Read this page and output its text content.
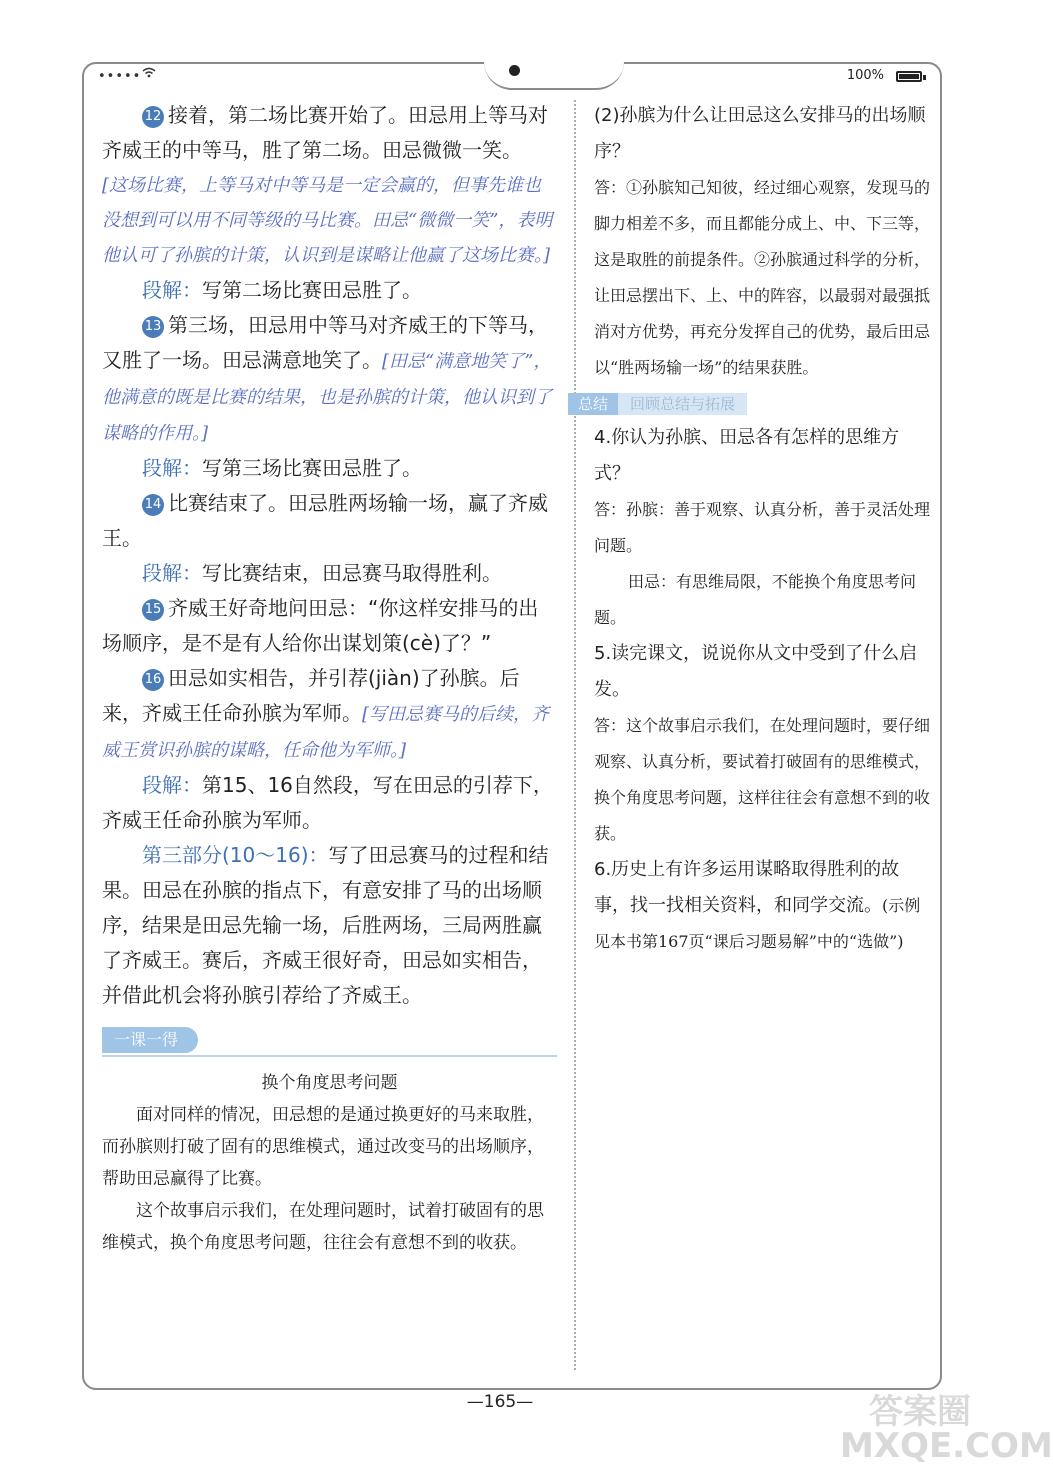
•••••	100%

12 接着，第二场比赛开始了。田忌用上等马对齐威王的中等马，胜了第二场。田忌微微一笑。

[这场比赛，上等马对中等马是一定会赢的，但事先谁也没想到可以用不同等级的马比赛。田忌“微微一笑”，表明他认可了孙膑的计策，认识到是谋略让他赢了这场比赛。]

段解：写第二场比赛田忌胜了。

13 第三场，田忌用中等马对齐威王的下等马，又胜了一场。田忌满意地笑了。[田忌“满意地笑了”，他满意的既是比赛的结果，也是孙膑的计策，他认识到了谋略的作用。]

段解：写第三场比赛田忌胜了。

14 比赛结束了。田忌胜两场输一场，赢了齐威王。

段解：写比赛结束，田忌赛马取得胜利。

15 齐威王好奇地问田忌：“你这样安排马的出场顺序，是不是有人给你出谋划策(cè)了？”

16 田忌如实相告，并引荐(jiàn)了孙膑。后来，齐威王任命孙膑为军师。[写田忌赛马的后续，齐威王赏识孙膑的谋略，任命他为军师。]

段解：第15、16自然段，写在田忌的引荐下，齐威王任命孙膑为军师。

第三部分(10～16)：写了田忌赛马的过程和结果。田忌在孙膑的指点下，有意安排了马的出场顺序，结果是田忌先输一场，后胜两场，三局两胜赢了齐威王。赛后，齐威王很好奇，田忌如实相告，并借此机会将孙膑引荐给了齐威王。

一课一得

换个角度思考问题

面对同样的情况，田忌想的是通过换更好的马来取胜，而孙膑则打破了固有的思维模式，通过改变马的出场顺序，帮助田忌赢得了比赛。

这个故事启示我们，在处理问题时，试着打破固有的思维模式，换个角度思考问题，往往会有意想不到的收获。

(2)孙膑为什么让田忌这么安排马的出场顺序？

答：①孙膑知己知彼，经过细心观察，发现马的脚力相差不多，而且都能分成上、中、下三等，这是取胜的前提条件。②孙膑通过科学的分析，让田忌摆出下、上、中的阵容，以最弱对最强抵消对方优势，再充分发挥自己的优势，最后田忌以“胜两场输一场”的结果获胜。

总结	回顾总结与拓展

4.你认为孙膑、田忌各有怎样的思维方式？

答：孙膑：善于观察、认真分析，善于灵活处理问题。

田忌：有思维局限，不能换个角度思考问题。

5.读完课文，说说你从文中受到了什么启发。

答：这个故事启示我们，在处理问题时，要仔细观察、认真分析，要试着打破固有的思维模式，换个角度思考问题，这样往往会有意想不到的收获。

6.历史上有许多运用谋略取得胜利的故事，找一找相关资料，和同学交流。(示例见本书第167页“课后习题易解”中的“选做”)

—165—	答案圈 MXQE.COM
